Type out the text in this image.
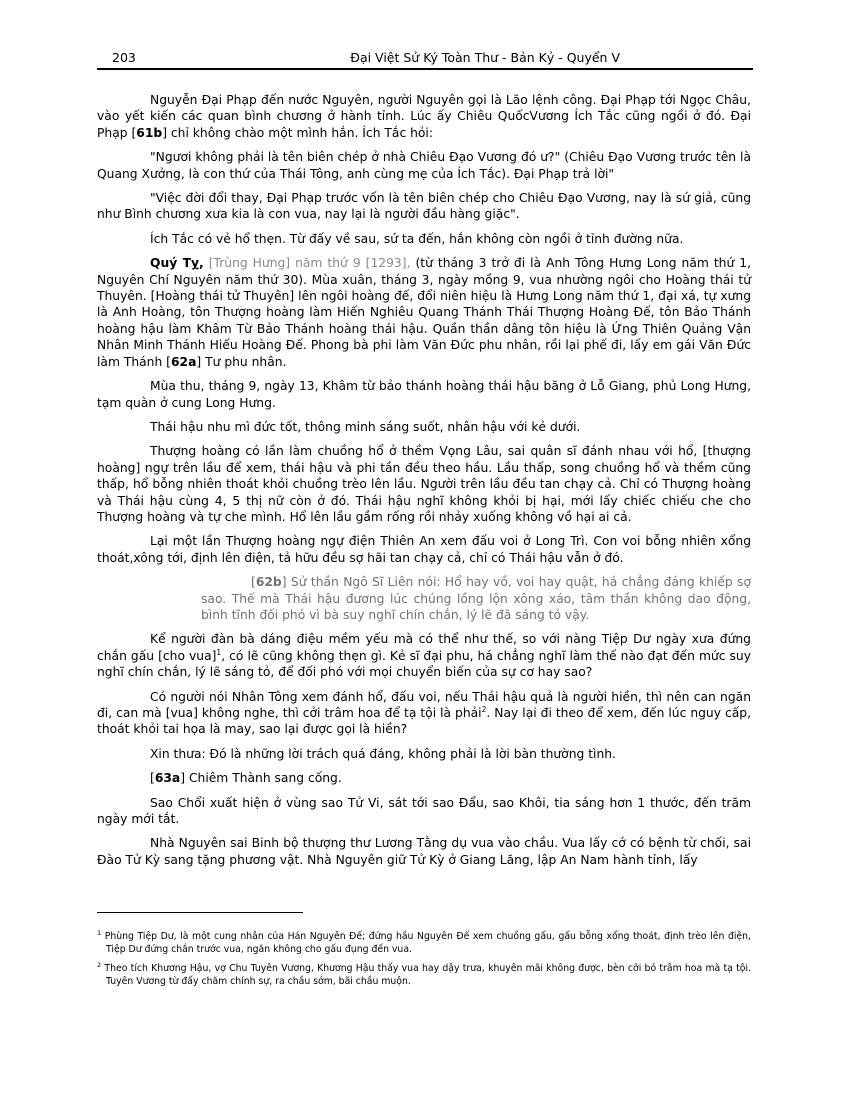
203	Đại Việt Sử Ký Toàn Thư - Bản Kỷ - Quyển V

Nguyễn Đại Phạp đến nước Nguyên, người Nguyên gọi là Lão lệnh công. Đại Phạp tới Ngọc Châu, vào yết kiến các quan bình chương ở hành tỉnh. Lúc ấy Chiêu QuốcVương Ích Tắc cũng ngồi ở đó. Đại Phạp [61b] chỉ không chào một mình hắn. Ích Tắc hỏi:

"Ngươi không phải là tên biên chép ở nhà Chiêu Đạo Vương đó ư?" (Chiêu Đạo Vương trước tên là Quang Xưởng, là con thứ của Thái Tông, anh cùng mẹ của Ích Tắc). Đại Phạp trả lời"

"Việc đời đổi thay, Đại Phạp trước vốn là tên biên chép cho Chiêu Đạo Vương, nay là sứ giả, cũng như Bình chương xưa kia là con vua, nay lại là người đầu hàng giặc".

Ích Tắc có vẻ hổ thẹn. Từ đấy về sau, sứ ta đến, hắn không còn ngồi ở tỉnh đường nữa.

Quý Tỵ, [Trùng Hưng] năm thứ 9 [1293], (từ tháng 3 trở đi là Anh Tông Hưng Long năm thứ 1, Nguyên Chí Nguyên năm thứ 30). Mùa xuân, tháng 3, ngày mồng 9, vua nhường ngôi cho Hoàng thái tử Thuyên. [Hoàng thái tử Thuyên] lên ngôi hoàng đế, đổi niên hiệu là Hưng Long năm thứ 1, đại xá, tự xưng là Anh Hoàng, tôn Thượng hoàng làm Hiến Nghiêu Quang Thánh Thái Thượng Hoàng Đế, tôn Bảo Thánh hoàng hậu làm Khâm Từ Bảo Thánh hoàng thái hậu. Quần thần dâng tôn hiệu là Ứng Thiên Quảng Vận Nhân Minh Thánh Hiếu Hoàng Đế. Phong bà phi làm Văn Đức phu nhân, rồi lại phế đi, lấy em gái Văn Đức làm Thánh [62a] Tư phu nhân.

Mùa thu, tháng 9, ngày 13, Khâm từ bảo thánh hoàng thái hậu băng ở Lỗ Giang, phủ Long Hưng, tạm quàn ở cung Long Hưng.

Thái hậu nhu mì đức tốt, thông minh sáng suốt, nhân hậu với kẻ dưới.

Thượng hoàng có lần làm chuồng hổ ở thềm Vọng Lâu, sai quân sĩ đánh nhau với hổ, [thượng hoàng] ngự trên lầu để xem, thái hậu và phi tần đều theo hầu. Lầu thấp, song chuồng hổ và thềm cũng thấp, hổ bỗng nhiên thoát khỏi chuồng trèo lên lầu. Người trên lầu đều tan chạy cả. Chỉ có Thượng hoàng và Thái hậu cùng 4, 5 thị nữ còn ở đó. Thái hậu nghĩ không khỏi bị hại, mới lấy chiếc chiếu che cho Thượng hoàng và tự che mình. Hổ lên lầu gầm rống rồi nhảy xuống không vồ hại ai cả.

Lại một lần Thượng hoàng ngự điện Thiên An xem đấu voi ở Long Trì. Con voi bỗng nhiên xổng thoát,xông tới, định lên điện, tả hữu đều sợ hãi tan chạy cả, chỉ có Thái hậu vẫn ở đó.

[62b] Sử thần Ngô Sĩ Liên nói: Hổ hay vồ, voi hay quật, há chẳng đáng khiếp sợ sao. Thế mà Thái hậu đương lúc chúng lồng lộn xông xáo, tâm thần không dao động, bình tĩnh đối phó vì bà suy nghĩ chín chắn, lý lẽ đã sáng tỏ vậy.

Kể người đàn bà dáng điệu mềm yếu mà có thể như thế, so với nàng Tiệp Dư ngày xưa đứng chắn gấu [cho vua]$^1$, có lẽ cũng không thẹn gì. Kẻ sĩ đại phu, há chẳng nghĩ làm thế nào đạt đến mức suy nghĩ chín chắn, lý lẽ sáng tỏ, để đối phó với mọi chuyển biến của sự cơ hay sao?

Có người nói Nhân Tông xem đánh hổ, đấu voi, nếu Thái hậu quả là người hiền, thì nên can ngăn đi, can mà [vua] không nghe, thì cởi trâm hoa để tạ tội là phải$^2$. Nay lại đi theo để xem, đến lúc nguy cấp, thoát khỏi tai họa là may, sao lại được gọi là hiền?

Xin thưa: Đó là những lời trách quá đáng, không phải là lời bàn thường tình.

[63a] Chiêm Thành sang cống.

Sao Chổi xuất hiện ở vùng sao Tử Vi, sát tới sao Đẩu, sao Khôi, tia sáng hơn 1 thước, đến trăm ngày mới tắt.

Nhà Nguyên sai Binh bộ thượng thư Lương Tằng dụ vua vào chầu. Vua lấy cớ có bệnh từ chối, sai Đào Tử Kỳ sang tặng phương vật. Nhà Nguyên giữ Tử Kỳ ở Giang Lăng, lập An Nam hành tỉnh, lấy

$^1$ Phùng Tiệp Dư, là một cung nhân của Hán Nguyên Đế; đứng hầu Nguyên Đế xem chuồng gấu, gấu bỗng xổng thoát, định trèo lên điện, Tiệp Dư đứng chắn trước vua, ngăn không cho gấu đụng đến vua.

$^2$ Theo tích Khương Hậu, vợ Chu Tuyên Vương, Khương Hậu thấy vua hay dậy trưa, khuyên mãi không được, bèn cởi bỏ trâm hoa mà tạ tội. Tuyên Vương từ đấy chăm chính sự, ra chầu sớm, bãi chầu muộn.
